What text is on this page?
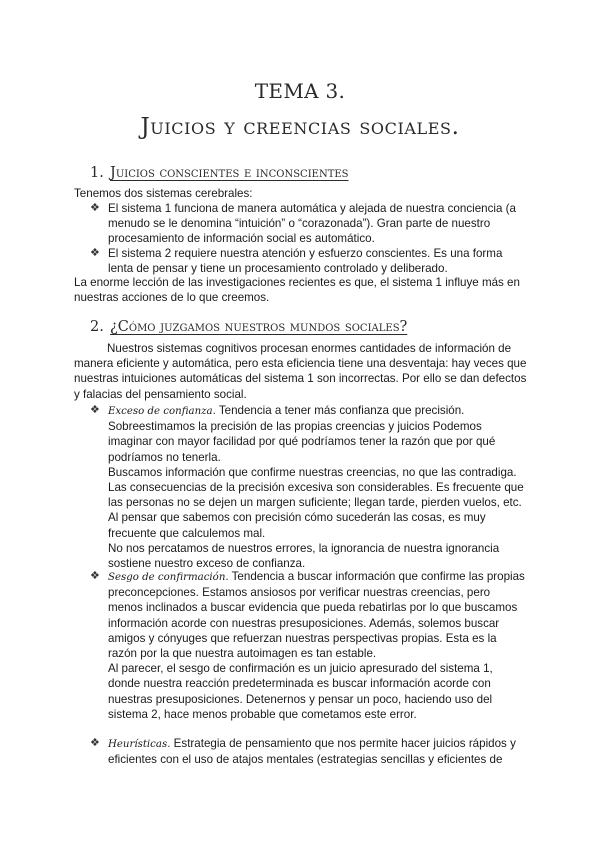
TEMA 3.
Juicios y creencias sociales.
1. Juicios conscientes e inconscientes
Tenemos dos sistemas cerebrales:
❖ El sistema 1 funciona de manera automática y alejada de nuestra conciencia (a menudo se le denomina “intuición” o “corazonada”). Gran parte de nuestro procesamiento de información social es automático.
❖ El sistema 2 requiere nuestra atención y esfuerzo conscientes. Es una forma lenta de pensar y tiene un procesamiento controlado y deliberado.
La enorme lección de las investigaciones recientes es que, el sistema 1 influye más en nuestras acciones de lo que creemos.
2. ¿Cómo juzgamos nuestros mundos sociales?
Nuestros sistemas cognitivos procesan enormes cantidades de información de manera eficiente y automática, pero esta eficiencia tiene una desventaja: hay veces que nuestras intuiciones automáticas del sistema 1 son incorrectas. Por ello se dan defectos y falacias del pensamiento social.
❖ Exceso de confianza. Tendencia a tener más confianza que precisión. Sobreestimamos la precisión de las propias creencias y juicios Podemos imaginar con mayor facilidad por qué podríamos tener la razón que por qué podríamos no tenerla.
Buscamos información que confirme nuestras creencias, no que las contradiga. Las consecuencias de la precisión excesiva son considerables. Es frecuente que las personas no se dejen un margen suficiente; llegan tarde, pierden vuelos, etc. Al pensar que sabemos con precisión cómo sucederán las cosas, es muy frecuente que calculemos mal.
No nos percatamos de nuestros errores, la ignorancia de nuestra ignorancia sostiene nuestro exceso de confianza.
❖ Sesgo de confirmación. Tendencia a buscar información que confirme las propias preconcepciones. Estamos ansiosos por verificar nuestras creencias, pero menos inclinados a buscar evidencia que pueda rebatirlas por lo que buscamos información acorde con nuestras presuposiciones. Además, solemos buscar amigos y cónyuges que refuerzan nuestras perspectivas propias. Esta es la razón por la que nuestra autoimagen es tan estable.
Al parecer, el sesgo de confirmación es un juicio apresurado del sistema 1, donde nuestra reacción predeterminada es buscar información acorde con nuestras presuposiciones. Detenernos y pensar un poco, haciendo uso del sistema 2, hace menos probable que cometamos este error.
❖ Heurísticas. Estrategia de pensamiento que nos permite hacer juicios rápidos y eficientes con el uso de atajos mentales (estrategias sencillas y eficientes de
